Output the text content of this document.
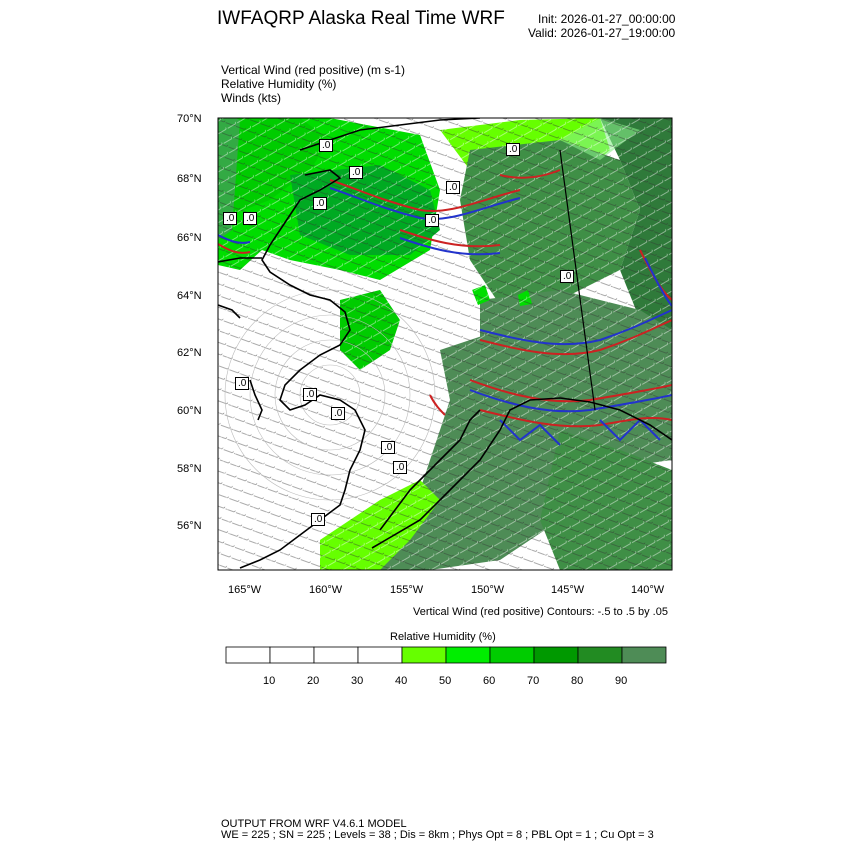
IWFAQRP Alaska Real Time WRF	Init: 2026-01-27_00:00:00
Valid: 2026-01-27_19:00:00
Vertical Wind (red positive) (m s-1)
Relative Humidity (%)
Winds (kts)
.0
.0
.0
.0
.0	.0
.0
.0
.0
.0
.0
.0
.0
.0
.0
70°N
68°N
66°N
64°N
62°N
60°N
58°N
56°N
165°W	160°W	155°W	150°W	145°W	140°W
Vertical Wind (red positive) Contours: -.5 to .5 by .05
Relative Humidity (%)
10	20	30	40	50	60	70	80	90
OUTPUT FROM WRF V4.6.1 MODEL
WE = 225 ; SN = 225 ; Levels = 38 ; Dis = 8km ; Phys Opt = 8 ; PBL Opt = 1 ; Cu Opt = 3
